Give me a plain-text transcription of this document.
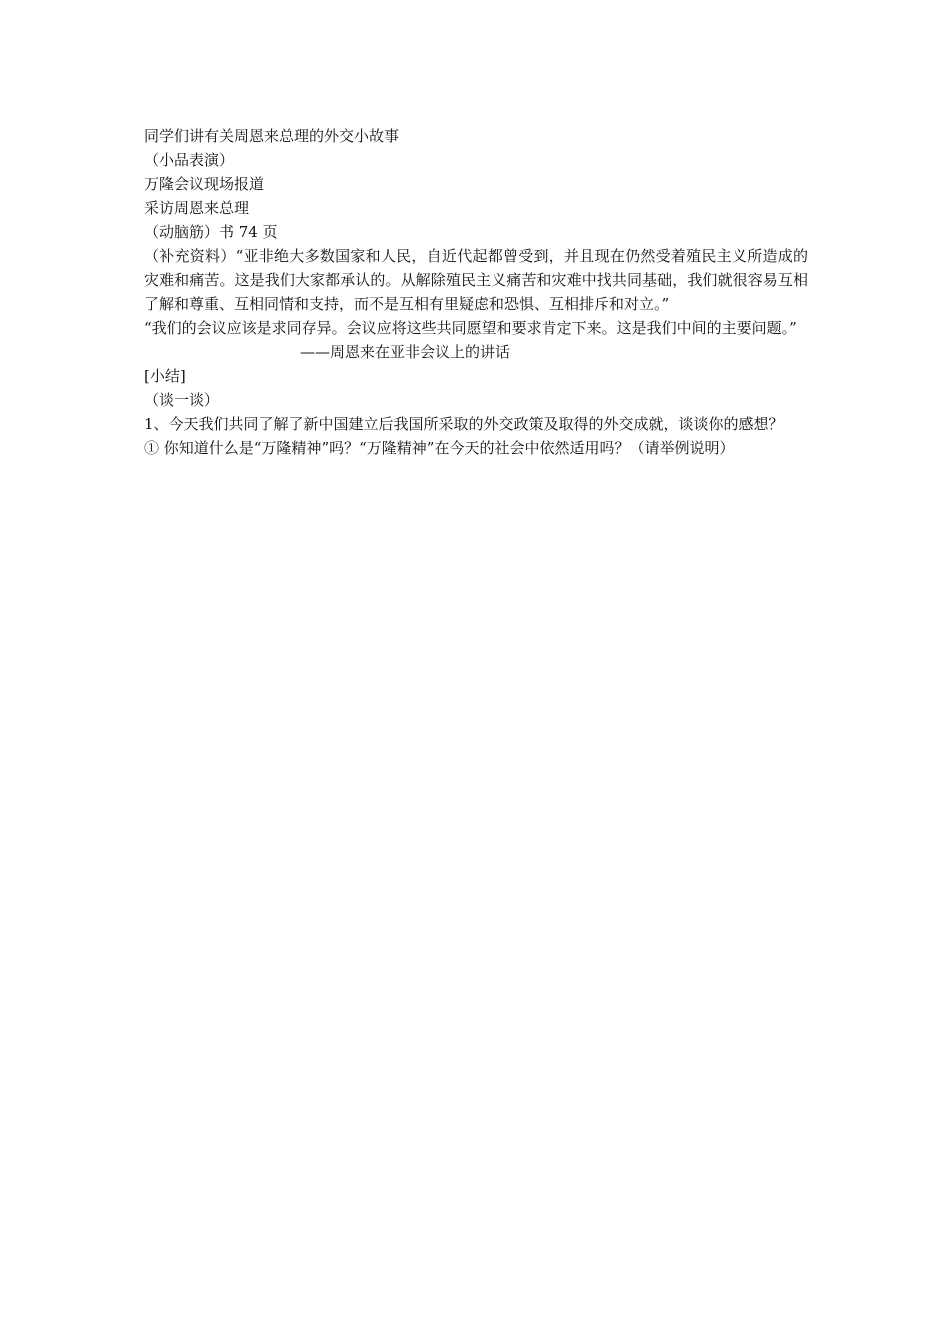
同学们讲有关周恩来总理的外交小故事
（小品表演）
万隆会议现场报道
采访周恩来总理
（动脑筋）书 74 页
（补充资料）“亚非绝大多数国家和人民，自近代起都曾受到，并且现在仍然受着殖民主义所造成的灾难和痛苦。这是我们大家都承认的。从解除殖民主义痛苦和灾难中找共同基础，我们就很容易互相了解和尊重、互相同情和支持，而不是互相有里疑虑和恐惧、互相排斥和对立。”
“我们的会议应该是求同存异。会议应将这些共同愿望和要求肯定下来。这是我们中间的主要问题。”
——周恩来在亚非会议上的讲话
[小结]
（谈一谈）
1、今天我们共同了解了新中国建立后我国所采取的外交政策及取得的外交成就，谈谈你的感想？
① 你知道什么是“万隆精神”吗？“万隆精神”在今天的社会中依然适用吗？（请举例说明）
